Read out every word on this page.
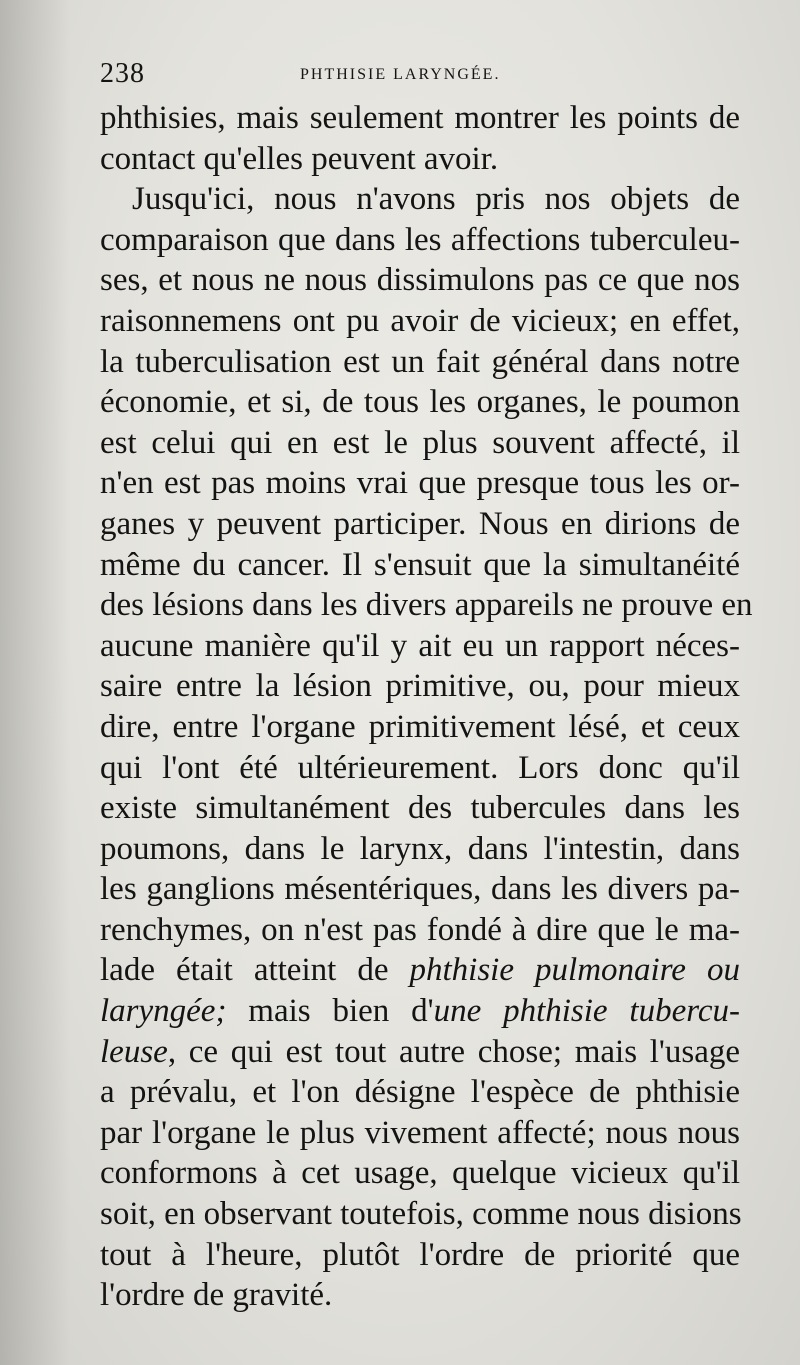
238	PHTHISIE LARYNGÉE.
phthisies, mais seulement montrer les points de
contact qu'elles peuvent avoir.
Jusqu'ici, nous n'avons pris nos objets de
comparaison que dans les affections tuberculeu-
ses, et nous ne nous dissimulons pas ce que nos
raisonnemens ont pu avoir de vicieux; en effet,
la tuberculisation est un fait général dans notre
économie, et si, de tous les organes, le poumon
est celui qui en est le plus souvent affecté, il
n'en est pas moins vrai que presque tous les or-
ganes y peuvent participer. Nous en dirions de
même du cancer. Il s'ensuit que la simultanéité
des lésions dans les divers appareils ne prouve en
aucune manière qu'il y ait eu un rapport néces-
saire entre la lésion primitive, ou, pour mieux
dire, entre l'organe primitivement lésé, et ceux
qui l'ont été ultérieurement. Lors donc qu'il
existe simultanément des tubercules dans les
poumons, dans le larynx, dans l'intestin, dans
les ganglions mésentériques, dans les divers pa-
renchymes, on n'est pas fondé à dire que le ma-
lade était atteint de phthisie pulmonaire ou
laryngée; mais bien d'une phthisie tubercu-
leuse, ce qui est tout autre chose; mais l'usage
a prévalu, et l'on désigne l'espèce de phthisie
par l'organe le plus vivement affecté; nous nous
conformons à cet usage, quelque vicieux qu'il
soit, en observant toutefois, comme nous disions
tout à l'heure, plutôt l'ordre de priorité que
l'ordre de gravité.
